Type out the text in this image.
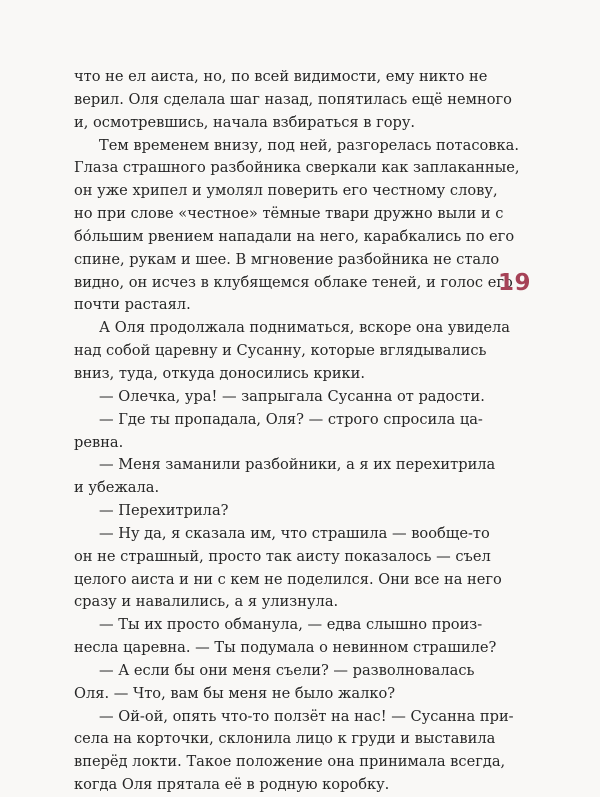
что не ел аиста, но, по всей видимости, ему никто не
верил. Оля сделала шаг назад, попятилась ещё немного
и, осмотревшись, начала взбираться в гору.
Тем временем внизу, под ней, разгорелась потасовка.
Глаза страшного разбойника сверкали как заплаканные,
он уже хрипел и умолял поверить его честному слову,
но при слове «честное» тёмные твари дружно выли и с
бо́льшим рвением нападали на него, карабкались по его
спине, рукам и шее. В мгновение разбойника не стало
видно, он исчез в клубящемся облаке теней, и голос его
почти растаял.
А Оля продолжала подниматься, вскоре она увидела
над собой царевну и Сусанну, которые вглядывались
вниз, туда, откуда доносились крики.
— Олечка, ура! — запрыгала Сусанна от радости.
— Где ты пропадала, Оля? — строго спросила ца-
ревна.
— Меня заманили разбойники, а я их перехитрила
и убежала.
— Перехитрила?
— Ну да, я сказала им, что страшила — вообще-то
он не страшный, просто так аисту показалось — съел
целого аиста и ни с кем не поделился. Они все на него
сразу и навалились, а я улизнула.
— Ты их просто обманула, — едва слышно произ-
несла царевна. — Ты подумала о невинном страшиле?
— А если бы они меня съели? — разволновалась
Оля. — Что, вам бы меня не было жалко?
— Ой-ой, опять что-то ползёт на нас! — Сусанна при-
села на корточки, склонила лицо к груди и выставила
вперёд локти. Такое положение она принимала всегда,
когда Оля прятала её в родную коробку.
19
